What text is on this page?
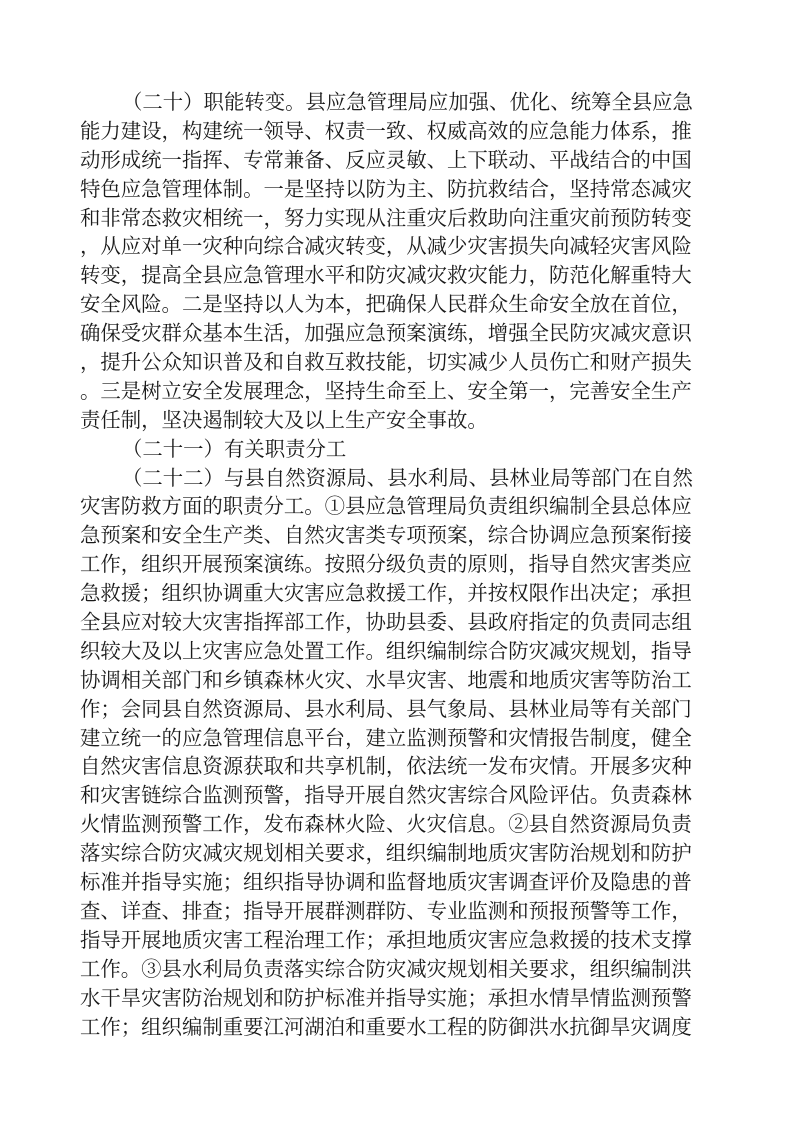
（二十）职能转变。县应急管理局应加强、优化、统筹全县应急
能力建设，构建统一领导、权责一致、权威高效的应急能力体系，推
动形成统一指挥、专常兼备、反应灵敏、上下联动、平战结合的中国
特色应急管理体制。一是坚持以防为主、防抗救结合，坚持常态减灾
和非常态救灾相统一，努力实现从注重灾后救助向注重灾前预防转变
，从应对单一灾种向综合减灾转变，从减少灾害损失向减轻灾害风险
转变，提高全县应急管理水平和防灾减灾救灾能力，防范化解重特大
安全风险。二是坚持以人为本，把确保人民群众生命安全放在首位，
确保受灾群众基本生活，加强应急预案演练，增强全民防灾减灾意识
，提升公众知识普及和自救互救技能，切实减少人员伤亡和财产损失
。三是树立安全发展理念，坚持生命至上、安全第一，完善安全生产
责任制，坚决遏制较大及以上生产安全事故。
（二十一）有关职责分工
（二十二）与县自然资源局、县水利局、县林业局等部门在自然
灾害防救方面的职责分工。①县应急管理局负责组织编制全县总体应
急预案和安全生产类、自然灾害类专项预案，综合协调应急预案衔接
工作，组织开展预案演练。按照分级负责的原则，指导自然灾害类应
急救援；组织协调重大灾害应急救援工作，并按权限作出决定；承担
全县应对较大灾害指挥部工作，协助县委、县政府指定的负责同志组
织较大及以上灾害应急处置工作。组织编制综合防灾减灾规划，指导
协调相关部门和乡镇森林火灾、水旱灾害、地震和地质灾害等防治工
作；会同县自然资源局、县水利局、县气象局、县林业局等有关部门
建立统一的应急管理信息平台，建立监测预警和灾情报告制度，健全
自然灾害信息资源获取和共享机制，依法统一发布灾情。开展多灾种
和灾害链综合监测预警，指导开展自然灾害综合风险评估。负责森林
火情监测预警工作，发布森林火险、火灾信息。②县自然资源局负责
落实综合防灾减灾规划相关要求，组织编制地质灾害防治规划和防护
标准并指导实施；组织指导协调和监督地质灾害调查评价及隐患的普
查、详查、排查；指导开展群测群防、专业监测和预报预警等工作，
指导开展地质灾害工程治理工作；承担地质灾害应急救援的技术支撑
工作。③县水利局负责落实综合防灾减灾规划相关要求，组织编制洪
水干旱灾害防治规划和防护标准并指导实施；承担水情旱情监测预警
工作；组织编制重要江河湖泊和重要水工程的防御洪水抗御旱灾调度
